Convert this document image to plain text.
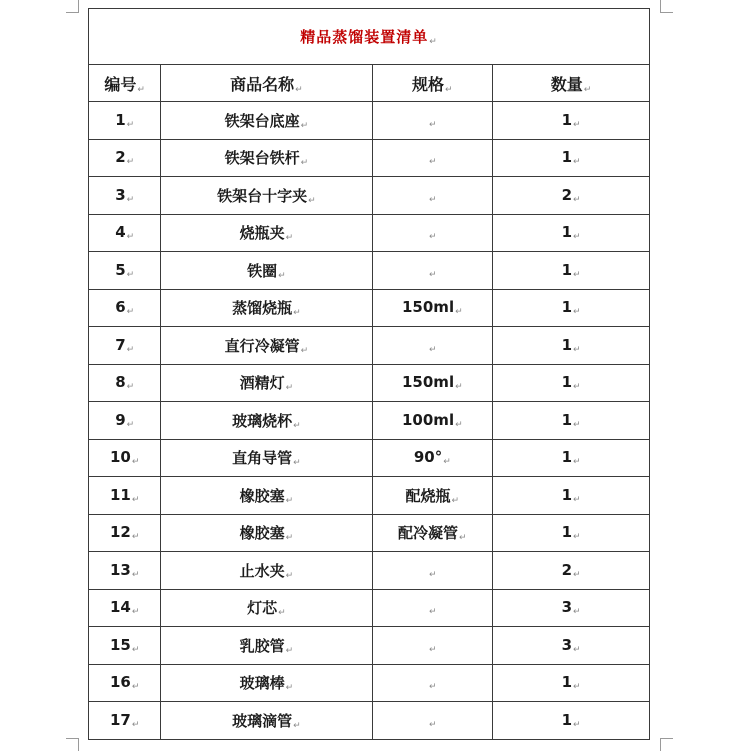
精品蒸馏装置清单↵			
编号↵	商品名称↵	规格↵	数量↵
1↵	铁架台底座↵	↵	1↵
2↵	铁架台铁杆↵	↵	1↵
3↵	铁架台十字夹↵	↵	2↵
4↵	烧瓶夹↵	↵	1↵
5↵	铁圈↵	↵	1↵
6↵	蒸馏烧瓶↵	150ml↵	1↵
7↵	直行冷凝管↵	↵	1↵
8↵	酒精灯↵	150ml↵	1↵
9↵	玻璃烧杯↵	100ml↵	1↵
10↵	直角导管↵	90°↵	1↵
11↵	橡胶塞↵	配烧瓶↵	1↵
12↵	橡胶塞↵	配冷凝管↵	1↵
13↵	止水夹↵	↵	2↵
14↵	灯芯↵	↵	3↵
15↵	乳胶管↵	↵	3↵
16↵	玻璃棒↵	↵	1↵
17↵	玻璃滴管↵	↵	1↵
